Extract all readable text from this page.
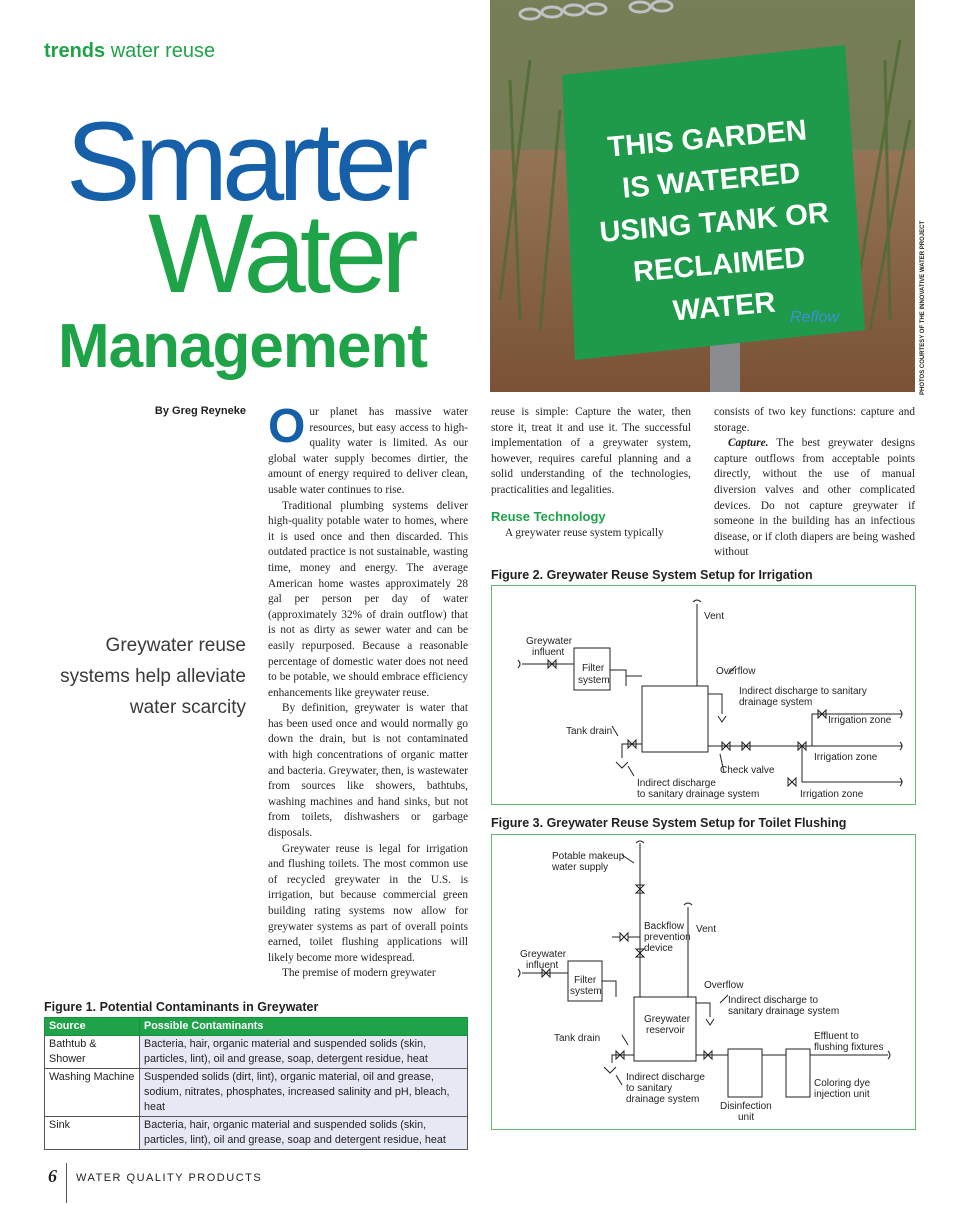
trends water reuse
Smarter
Water
Management
THIS GARDEN
IS WATERED
USING TANK OR
RECLAIMED
WATER Reflow	PHOTOS COURTESY OF THE INNOVATIVE WATER PROJECT
By Greg Reyneke
Greywater reuse systems help alleviate water scarcity

Our planet has massive water resources, but easy access to high-quality water is limited. As our global water supply becomes dirtier, the amount of energy required to deliver clean, usable water continues to rise.

Traditional plumbing systems deliver high-quality potable water to homes, where it is used once and then discarded. This outdated practice is not sustainable, wasting time, money and energy. The average American home wastes approximately 28 gal per person per day of water (approximately 32% of drain outflow) that is not as dirty as sewer water and can be easily repurposed. Because a reasonable percentage of domestic water does not need to be potable, we should embrace efficiency enhancements like greywater reuse.

By definition, greywater is water that has been used once and would normally go down the drain, but is not contaminated with high concentrations of organic matter and bacteria. Greywater, then, is wastewater from sources like showers, bathtubs, washing machines and hand sinks, but not from toilets, dishwashers or garbage disposals.

Greywater reuse is legal for irrigation and flushing toilets. The most common use of recycled greywater in the U.S. is irrigation, but because commercial green building rating systems now allow for greywater systems as part of overall points earned, toilet flushing applications will likely become more widespread.

The premise of modern greywater

reuse is simple: Capture the water, then store it, treat it and use it. The successful implementation of a greywater system, however, requires careful planning and a solid understanding of the technologies, practicalities and legalities.

Reuse Technology

A greywater reuse system typically

consists of two key functions: capture and storage.

Capture. The best greywater designs capture outflows from acceptable points directly, without the use of manual diversion valves and other complicated devices. Do not capture greywater if someone in the building has an infectious disease, or if cloth diapers are being washed without

Figure 2. Greywater Reuse System Setup for Irrigation
Vent
Greywater
influent
Filter
system
Overflow
Indirect discharge to sanitary
drainage system
Tank drain
Irrigation zone
Irrigation zone
Irrigation zone
Check valve
Indirect discharge
to sanitary drainage system
Figure 3. Greywater Reuse System Setup for Toilet Flushing
Potable makeup
water supply
Backflow
prevention
device
Vent
Greywater
influent
Filter
system
Overflow
Indirect discharge to
sanitary drainage system
Greywater
reservoir
Tank drain	Effluent to
flushing fixtures
Indirect discharge
to sanitary
drainage system
Coloring dye
injection unit
Disinfection
unit
Figure 1. Potential Contaminants in Greywater
Source	Possible Contaminants
Bathtub & Shower	Bacteria, hair, organic material and suspended solids (skin, particles, lint), oil and grease, soap, detergent residue, heat
Washing Machine	Suspended solids (dirt, lint), organic material, oil and grease, sodium, nitrates, phosphates, increased salinity and pH, bleach, heat
Sink	Bacteria, hair, organic material and suspended solids (skin, particles, lint), oil and grease, soap and detergent residue, heat
6 WATER QUALITY PRODUCTS
